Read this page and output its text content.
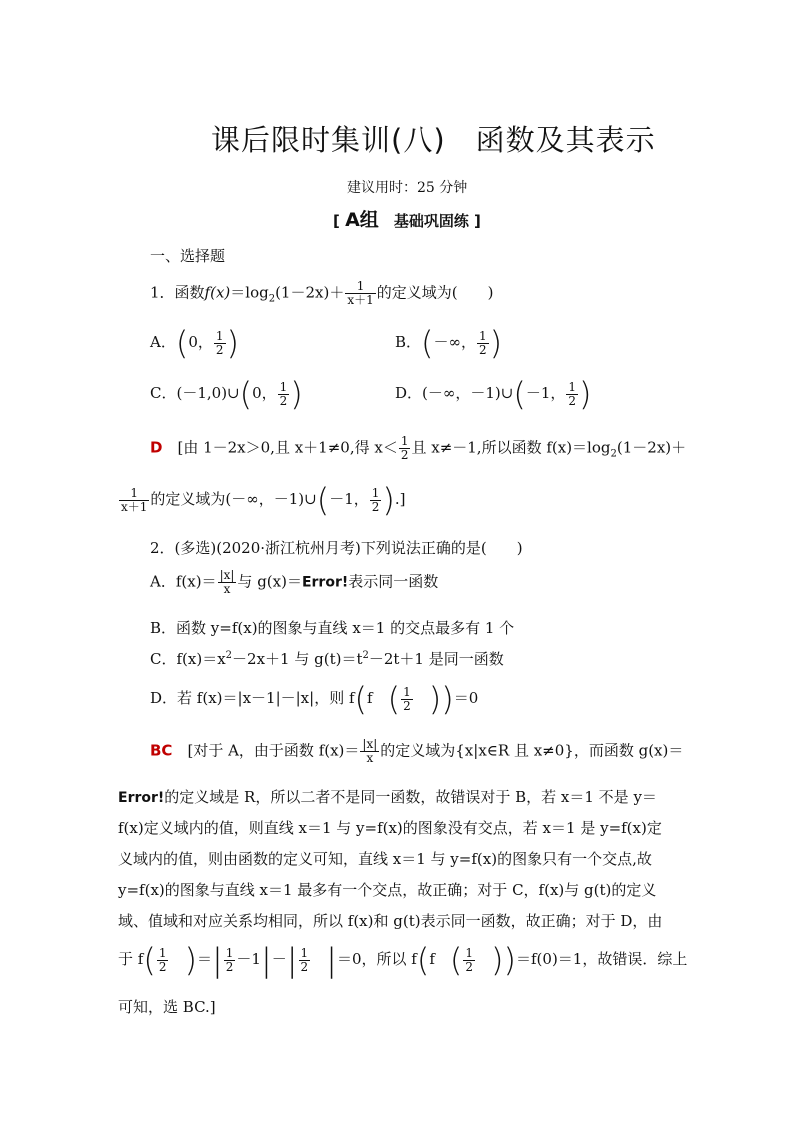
课后限时集训(八)　函数及其表示
建议用时：25 分钟
[ A组　 基础巩固练 ]
一、选择题
1．函数$f(x)=\log_2(1-2x)+ \frac{1}{x+1}$ 的定义域为(　　)
A．(0， $\frac{1}{2}$ )	B．(－∞， $\frac{1}{2}$ )
C．(－1,0)∪(0， $\frac{1}{2}$ )	D．(－∞，－1)∪(－1， $\frac{1}{2}$ )
D　 [由 1－2x＞0,且 x＋1≠0,得 $x< \frac{1}{2}$ 且 x≠－1,所以函数 $f(x)=\log_2(1-2x)+$
$\frac{1}{x+1}$ 的定义域为(－∞，－1)∪(－1， $\frac{1}{2}$ ).]
2．(多选)(2020·浙江杭州月考)下列说法正确的是(　　)
A．$f(x)= \frac{|x|}{x}$ 与 g(x)＝Error!表示同一函数
B．函数 y=f(x)的图象与直线 x＝1 的交点最多有 1 个
C．$f(x)=x^2-2x+1$ 与 $g(t)=t^2-2t+1$ 是同一函数
D．若 f(x)＝|x－1|－|x|，则 f(f　 ( $\frac{1}{2}$
　 ))＝0
BC　 [对于 A，由于函数 $f(x)= \frac{|x|}{x}$ 的定义域为{x|x∈R 且 x≠0}，而函数 g(x)＝
Error!的定义域是 R，所以二者不是同一函数，故错误对于 B，若 x＝1 不是 y＝
f(x)定义域内的值，则直线 x＝1 与 y=f(x)的图象没有交点，若 x＝1 是 y=f(x)定
义域内的值，则由函数的定义可知，直线 x＝1 与 y=f(x)的图象只有一个交点,故
y=f(x)的图象与直线 x＝1 最多有一个交点，故正确；对于 C，f(x)与 g(t)的定义
域、值域和对应关系均相同，所以 f(x)和 g(t)表示同一函数，故正确；对于 D，由
于 $f( \frac{1}{2}$
　 )＝| $\frac{1}{2} -1|-| \frac{1}{2}$
　 |＝0，所以 f(f　 ( $\frac{1}{2}$
　 ))＝f(0)＝1，故错误．综上
可知，选 BC.]
